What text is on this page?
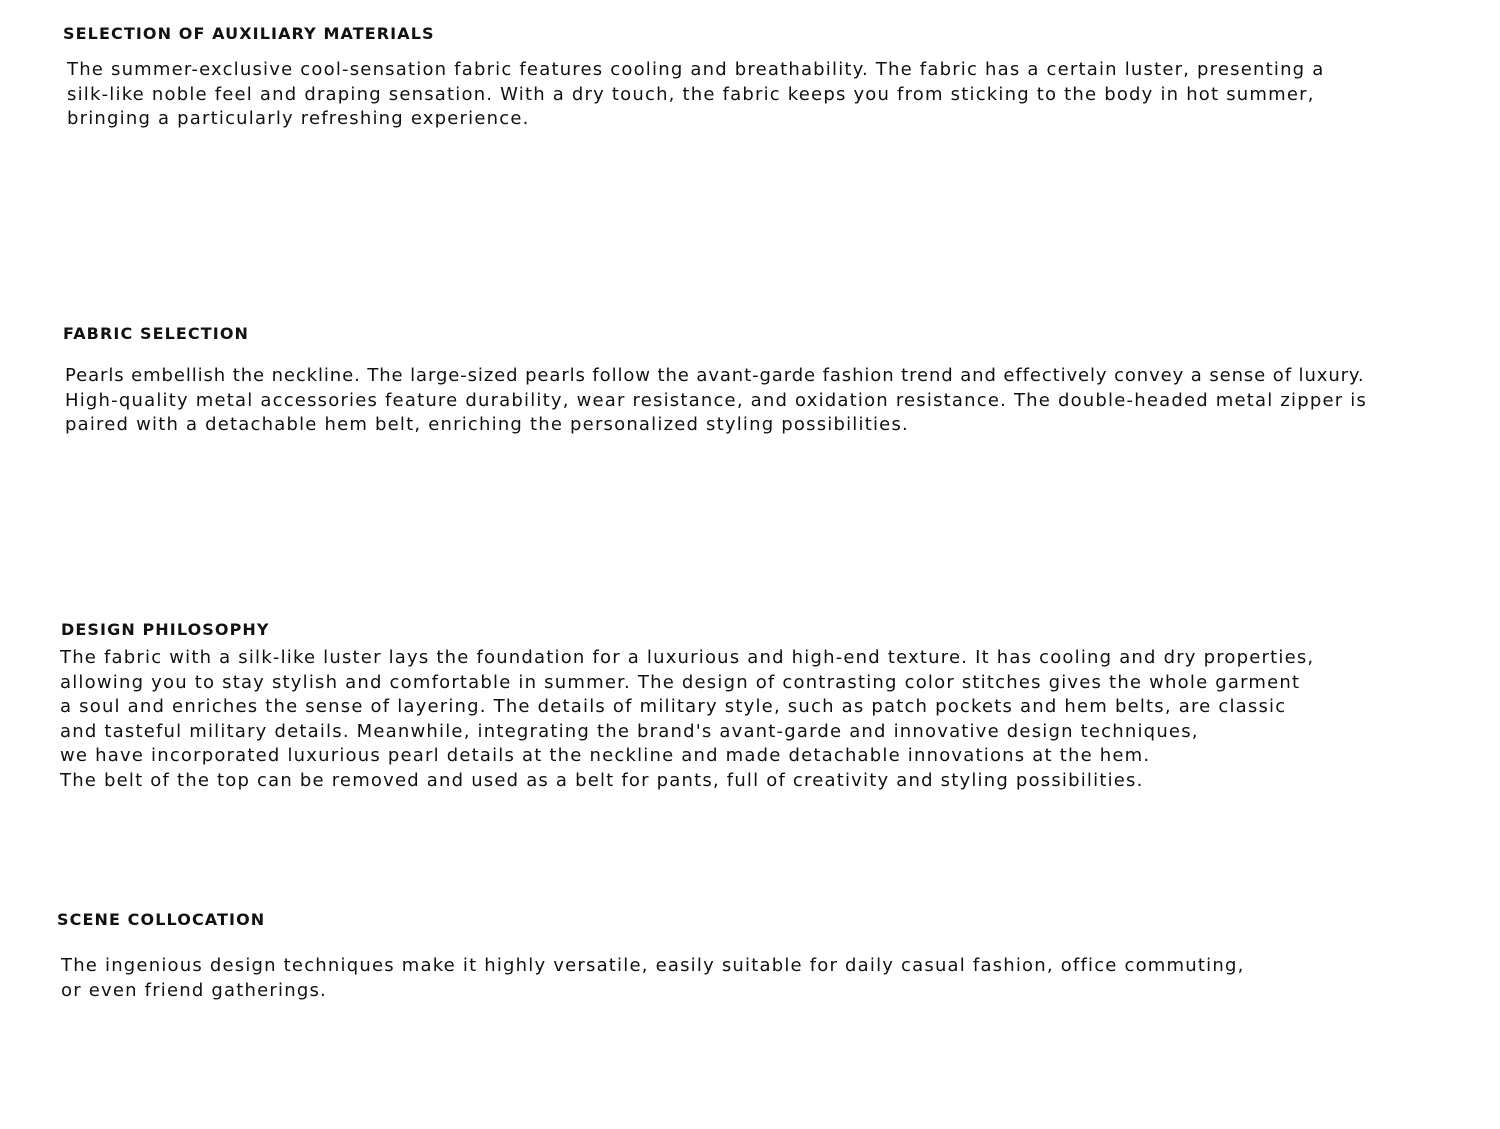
SELECTION OF AUXILIARY MATERIALS

The summer-exclusive cool-sensation fabric features cooling and breathability. The fabric has a certain luster, presenting a
silk-like noble feel and draping sensation. With a dry touch, the fabric keeps you from sticking to the body in hot summer,
bringing a particularly refreshing experience.

FABRIC SELECTION

Pearls embellish the neckline. The large-sized pearls follow the avant-garde fashion trend and effectively convey a sense of luxury.
High-quality metal accessories feature durability, wear resistance, and oxidation resistance. The double-headed metal zipper is
paired with a detachable hem belt, enriching the personalized styling possibilities.

DESIGN PHILOSOPHY

The fabric with a silk-like luster lays the foundation for a luxurious and high-end texture. It has cooling and dry properties,
allowing you to stay stylish and comfortable in summer. The design of contrasting color stitches gives the whole garment
a soul and enriches the sense of layering. The details of military style, such as patch pockets and hem belts, are classic
and tasteful military details. Meanwhile, integrating the brand's avant-garde and innovative design techniques,
we have incorporated luxurious pearl details at the neckline and made detachable innovations at the hem.
The belt of the top can be removed and used as a belt for pants, full of creativity and styling possibilities.

SCENE COLLOCATION

The ingenious design techniques make it highly versatile, easily suitable for daily casual fashion, office commuting,
or even friend gatherings.
